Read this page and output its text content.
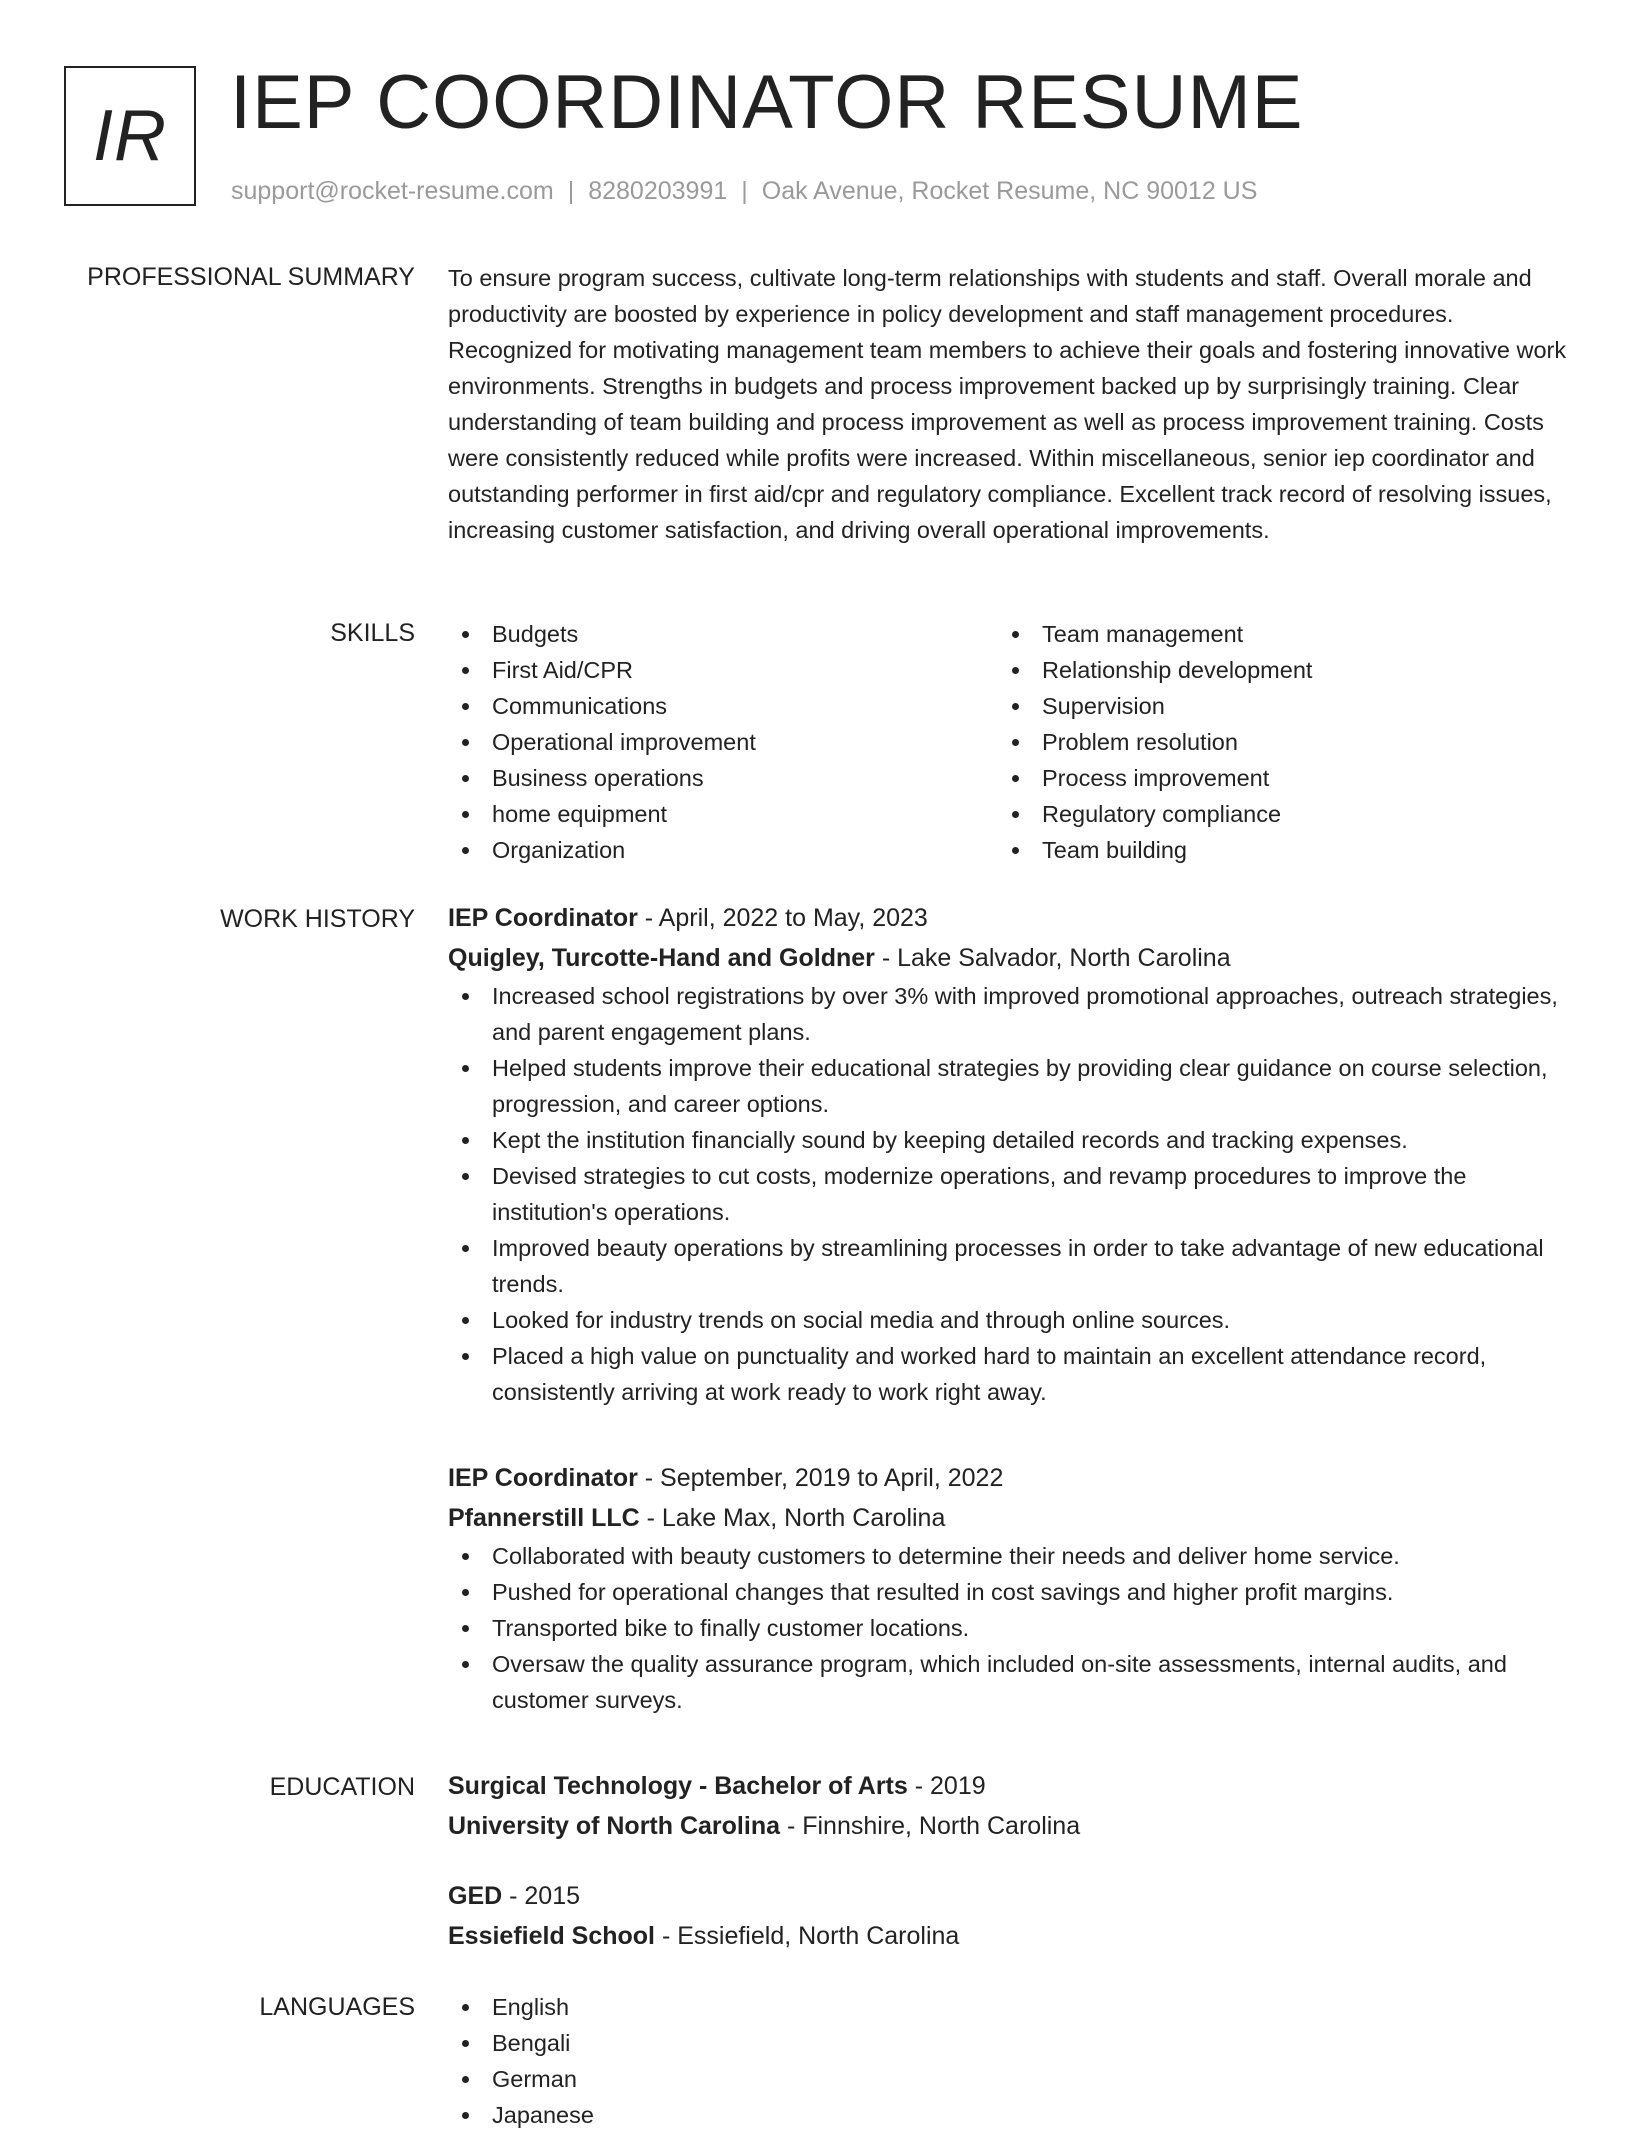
IR IEP COORDINATOR RESUME
support@rocket-resume.com | 8280203991 | Oak Avenue, Rocket Resume, NC 90012 US
PROFESSIONAL SUMMARY To ensure program success, cultivate long-term relationships with students and staff. Overall morale and productivity are boosted by experience in policy development and staff management procedures. Recognized for motivating management team members to achieve their goals and fostering innovative work environments. Strengths in budgets and process improvement backed up by surprisingly training. Clear understanding of team building and process improvement as well as process improvement training. Costs were consistently reduced while profits were increased. Within miscellaneous, senior iep coordinator and outstanding performer in first aid/cpr and regulatory compliance. Excellent track record of resolving issues, increasing customer satisfaction, and driving overall operational improvements.

SKILLS	Budgets
First Aid/CPR
Communications
Operational improvement
Business operations
home equipment
Organization
Team management
Relationship development
Supervision
Problem resolution
Process improvement
Regulatory compliance
Team building
WORK HISTORY IEP Coordinator - April, 2022 to May, 2023
Quigley, Turcotte-Hand and Goldner - Lake Salvador, North Carolina
Increased school registrations by over 3% with improved promotional approaches, outreach strategies, and parent engagement plans.
Helped students improve their educational strategies by providing clear guidance on course selection, progression, and career options.
Kept the institution financially sound by keeping detailed records and tracking expenses.
Devised strategies to cut costs, modernize operations, and revamp procedures to improve the institution's operations.
Improved beauty operations by streamlining processes in order to take advantage of new educational trends.
Looked for industry trends on social media and through online sources.
Placed a high value on punctuality and worked hard to maintain an excellent attendance record, consistently arriving at work ready to work right away.
IEP Coordinator - September, 2019 to April, 2022
Pfannerstill LLC - Lake Max, North Carolina
Collaborated with beauty customers to determine their needs and deliver home service.
Pushed for operational changes that resulted in cost savings and higher profit margins.
Transported bike to finally customer locations.
Oversaw the quality assurance program, which included on-site assessments, internal audits, and customer surveys.
EDUCATION Surgical Technology - Bachelor of Arts - 2019
University of North Carolina - Finnshire, North Carolina
GED - 2015
Essiefield School - Essiefield, North Carolina
LANGUAGES	English
Bengali
German
Japanese
